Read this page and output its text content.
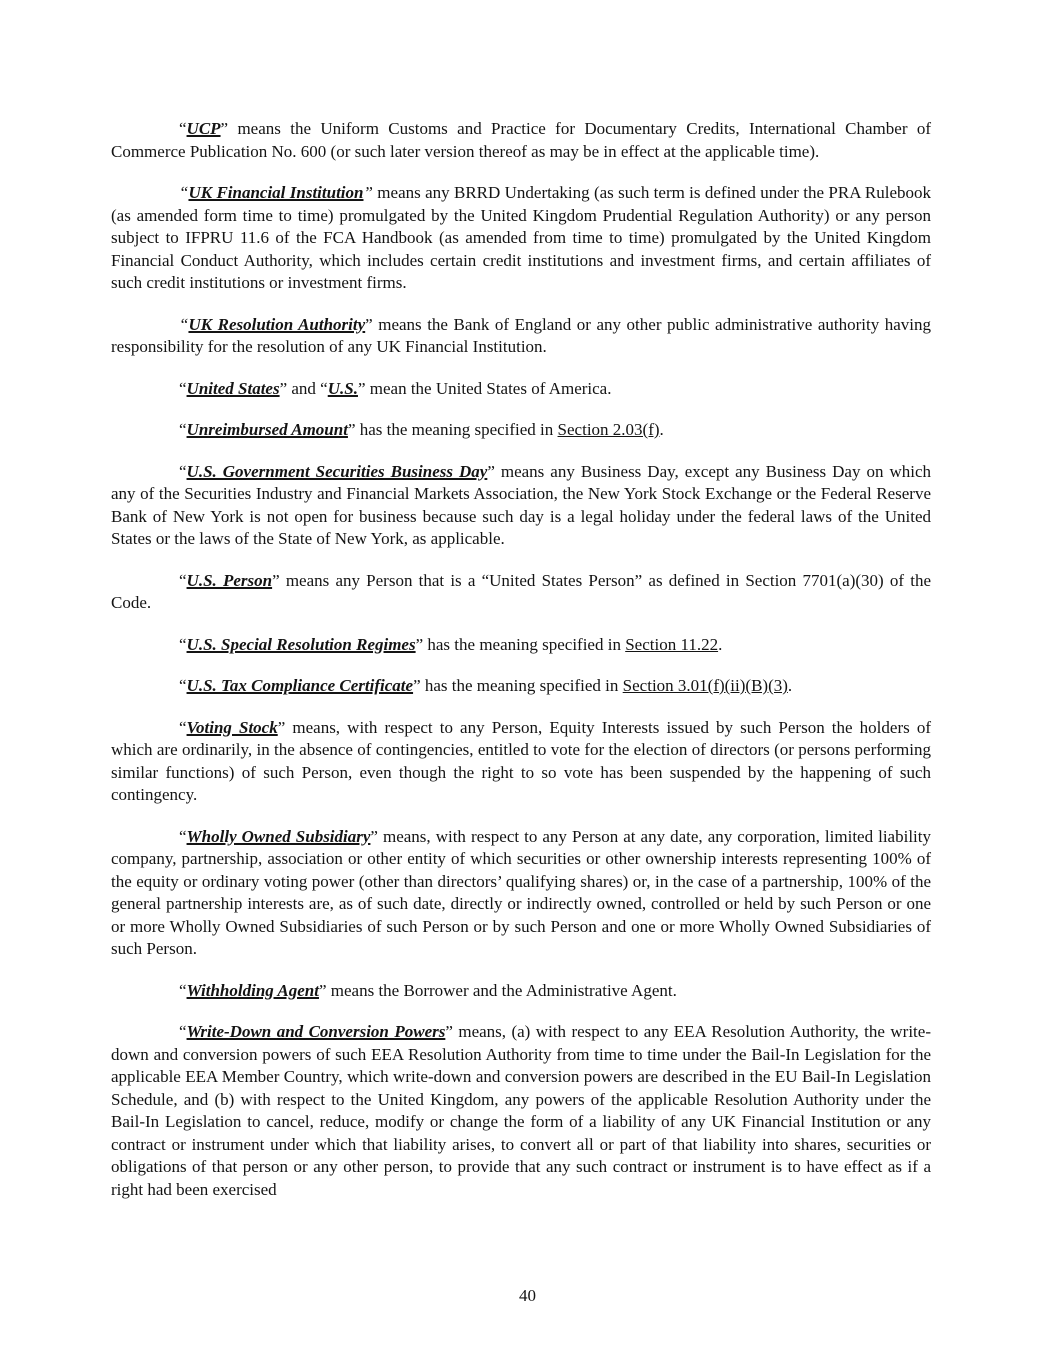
“UCP” means the Uniform Customs and Practice for Documentary Credits, International Chamber of Commerce Publication No. 600 (or such later version thereof as may be in effect at the applicable time).

“UK Financial Institution” means any BRRD Undertaking (as such term is defined under the PRA Rulebook (as amended form time to time) promulgated by the United Kingdom Prudential Regulation Authority) or any person subject to IFPRU 11.6 of the FCA Handbook (as amended from time to time) promulgated by the United Kingdom Financial Conduct Authority, which includes certain credit institutions and investment firms, and certain affiliates of such credit institutions or investment firms.

“UK Resolution Authority” means the Bank of England or any other public administrative authority having responsibility for the resolution of any UK Financial Institution.

“United States” and “U.S.” mean the United States of America.

“Unreimbursed Amount” has the meaning specified in Section 2.03(f).

“U.S. Government Securities Business Day” means any Business Day, except any Business Day on which any of the Securities Industry and Financial Markets Association, the New York Stock Exchange or the Federal Reserve Bank of New York is not open for business because such day is a legal holiday under the federal laws of the United States or the laws of the State of New York, as applicable.

“U.S. Person” means any Person that is a “United States Person” as defined in Section 7701(a)(30) of the Code.

“U.S. Special Resolution Regimes” has the meaning specified in Section 11.22.

“U.S. Tax Compliance Certificate” has the meaning specified in Section 3.01(f)(ii)(B)(3).

“Voting Stock” means, with respect to any Person, Equity Interests issued by such Person the holders of which are ordinarily, in the absence of contingencies, entitled to vote for the election of directors (or persons performing similar functions) of such Person, even though the right to so vote has been suspended by the happening of such contingency.

“Wholly Owned Subsidiary” means, with respect to any Person at any date, any corporation, limited liability company, partnership, association or other entity of which securities or other ownership interests representing 100% of the equity or ordinary voting power (other than directors’ qualifying shares) or, in the case of a partnership, 100% of the general partnership interests are, as of such date, directly or indirectly owned, controlled or held by such Person or one or more Wholly Owned Subsidiaries of such Person or by such Person and one or more Wholly Owned Subsidiaries of such Person.

“Withholding Agent” means the Borrower and the Administrative Agent.

“Write-Down and Conversion Powers” means, (a) with respect to any EEA Resolution Authority, the write-down and conversion powers of such EEA Resolution Authority from time to time under the Bail-In Legislation for the applicable EEA Member Country, which write-down and conversion powers are described in the EU Bail-In Legislation Schedule, and (b) with respect to the United Kingdom, any powers of the applicable Resolution Authority under the Bail-In Legislation to cancel, reduce, modify or change the form of a liability of any UK Financial Institution or any contract or instrument under which that liability arises, to convert all or part of that liability into shares, securities or obligations of that person or any other person, to provide that any such contract or instrument is to have effect as if a right had been exercised

40
